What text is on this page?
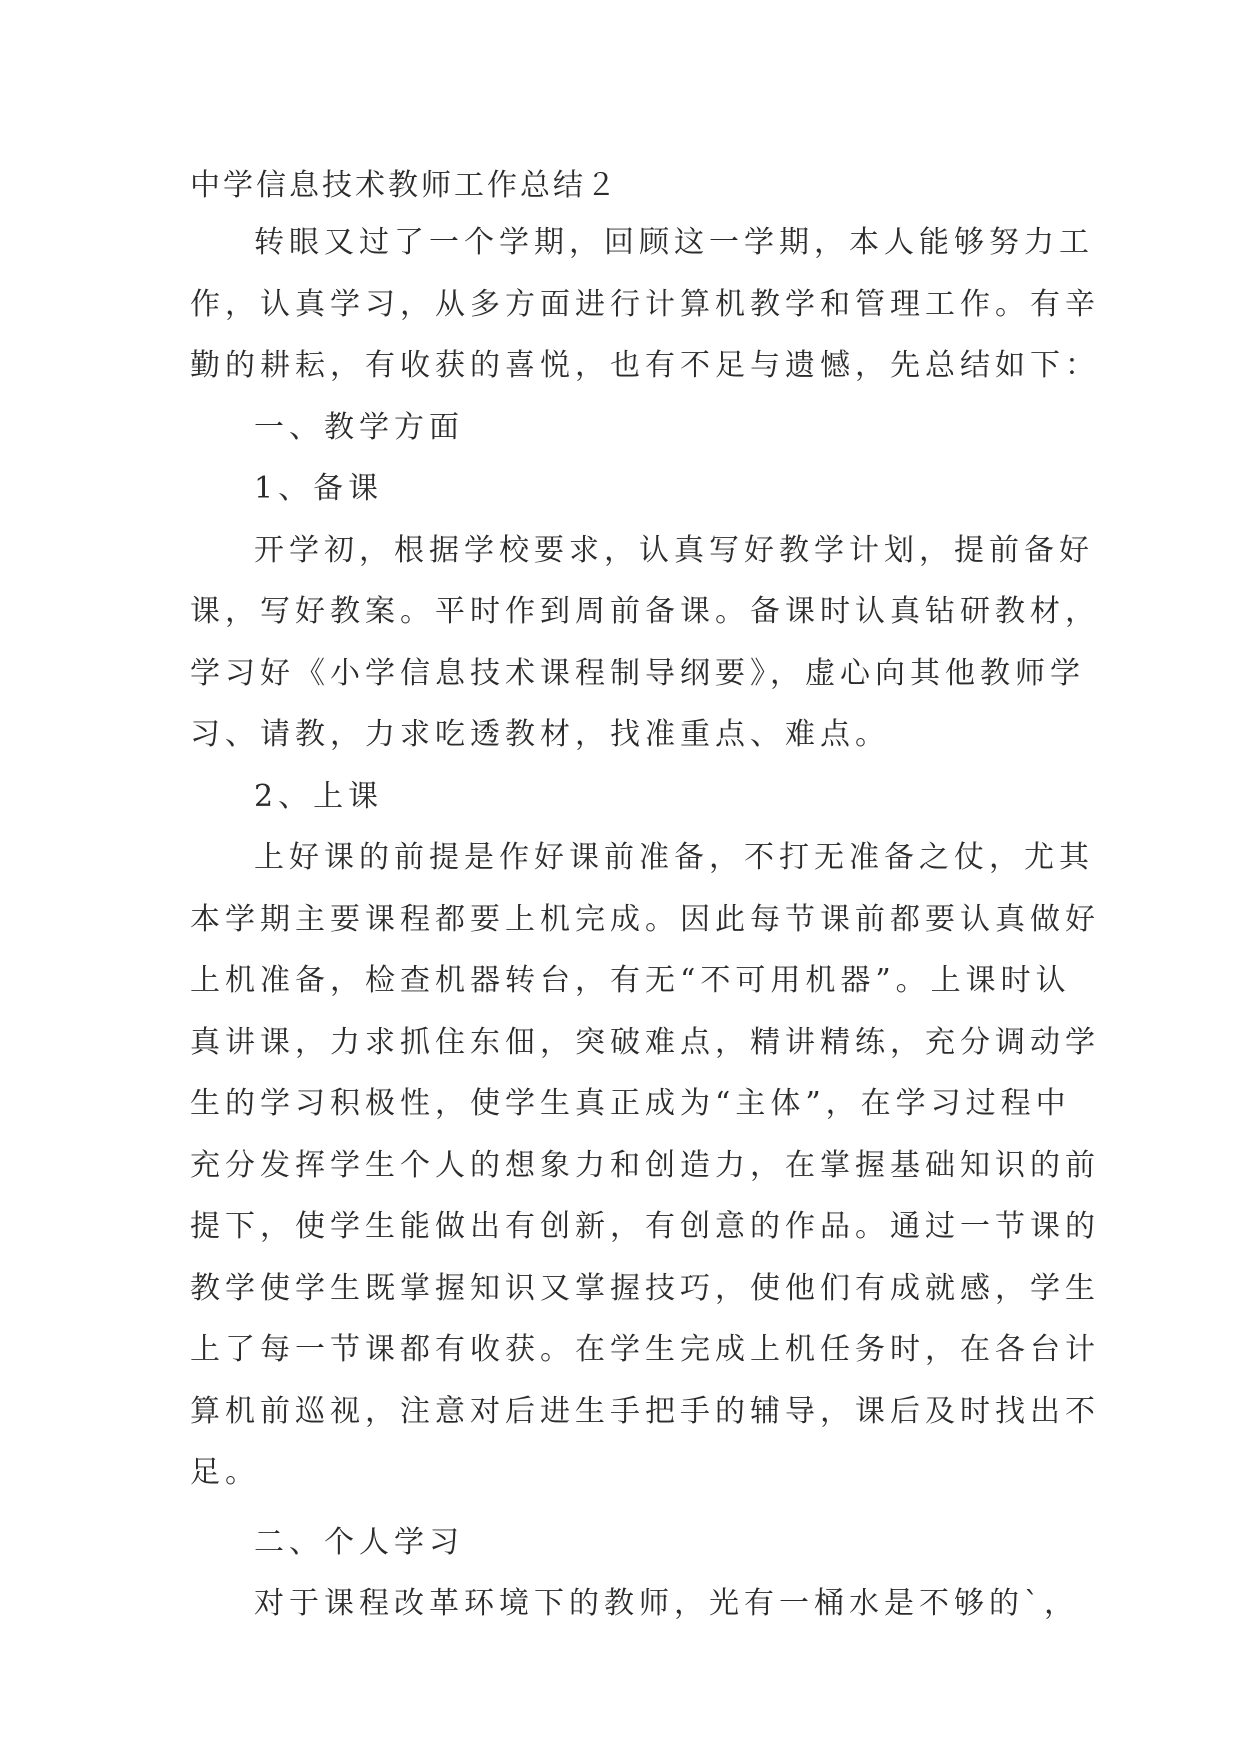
中学信息技术教师工作总结２
转眼又过了一个学期，回顾这一学期，本人能够努力工
作，认真学习，从多方面进行计算机教学和管理工作。有辛
勤的耕耘，有收获的喜悦，也有不足与遗憾，先总结如下：
一、教学方面
1、备课
开学初，根据学校要求，认真写好教学计划，提前备好
课，写好教案。平时作到周前备课。备课时认真钻研教材，
学习好《小学信息技术课程制导纲要》，虚心向其他教师学
习、请教，力求吃透教材，找准重点、难点。
2、上课
上好课的前提是作好课前准备，不打无准备之仗，尤其
本学期主要课程都要上机完成。因此每节课前都要认真做好
上机准备，检查机器转台，有无“不可用机器”。上课时认
真讲课，力求抓住东佃，突破难点，精讲精练，充分调动学
生的学习积极性，使学生真正成为“主体”，在学习过程中
充分发挥学生个人的想象力和创造力，在掌握基础知识的前
提下，使学生能做出有创新，有创意的作品。通过一节课的
教学使学生既掌握知识又掌握技巧，使他们有成就感，学生
上了每一节课都有收获。在学生完成上机任务时，在各台计
算机前巡视，注意对后进生手把手的辅导，课后及时找出不
足。
二、个人学习
对于课程改革环境下的教师，光有一桶水是不够的`，
